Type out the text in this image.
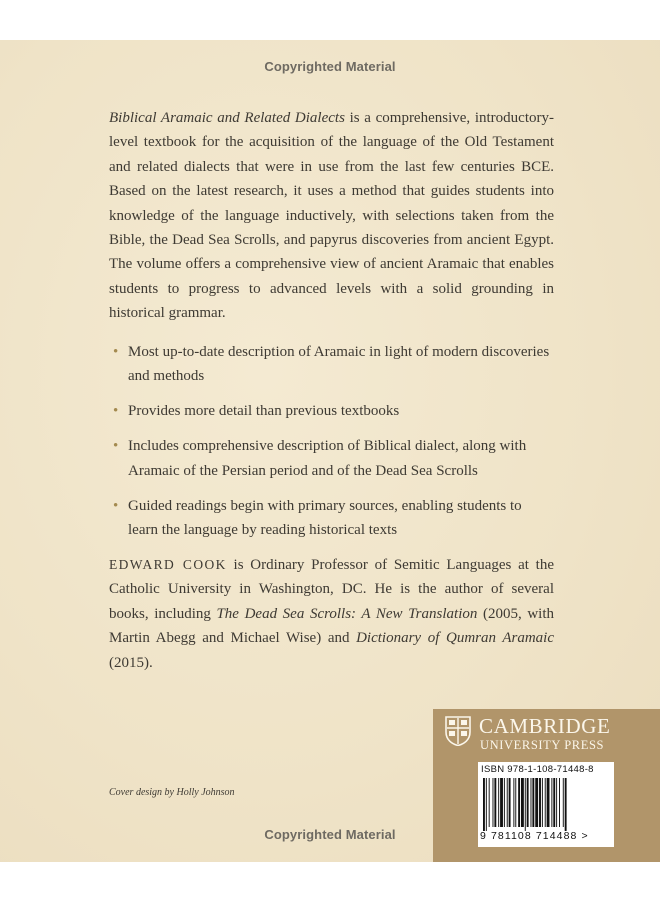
Copyrighted Material

Biblical Aramaic and Related Dialects is a comprehensive, introductory-level textbook for the acquisition of the language of the Old Testament and related dialects that were in use from the last few centuries BCE. Based on the latest research, it uses a method that guides students into knowledge of the language inductively, with selections taken from the Bible, the Dead Sea Scrolls, and papyrus discoveries from ancient Egypt. The volume offers a comprehensive view of ancient Aramaic that enables students to progress to advanced levels with a solid grounding in historical grammar.

• Most up-to-date description of Aramaic in light of modern discoveries and methods
• Provides more detail than previous textbooks
• Includes comprehensive description of Biblical dialect, along with Aramaic of the Persian period and of the Dead Sea Scrolls
• Guided readings begin with primary sources, enabling students to learn the language by reading historical texts

EDWARD COOK is Ordinary Professor of Semitic Languages at the Catholic University in Washington, DC. He is the author of several books, including The Dead Sea Scrolls: A New Translation (2005, with Martin Abegg and Michael Wise) and Dictionary of Qumran Aramaic (2015).

Cover design by Holly Johnson
Copyrighted Material
CAMBRIDGE
UNIVERSITY PRESS
ISBN 978-1-108-71448-8
9 781108 714488 >
